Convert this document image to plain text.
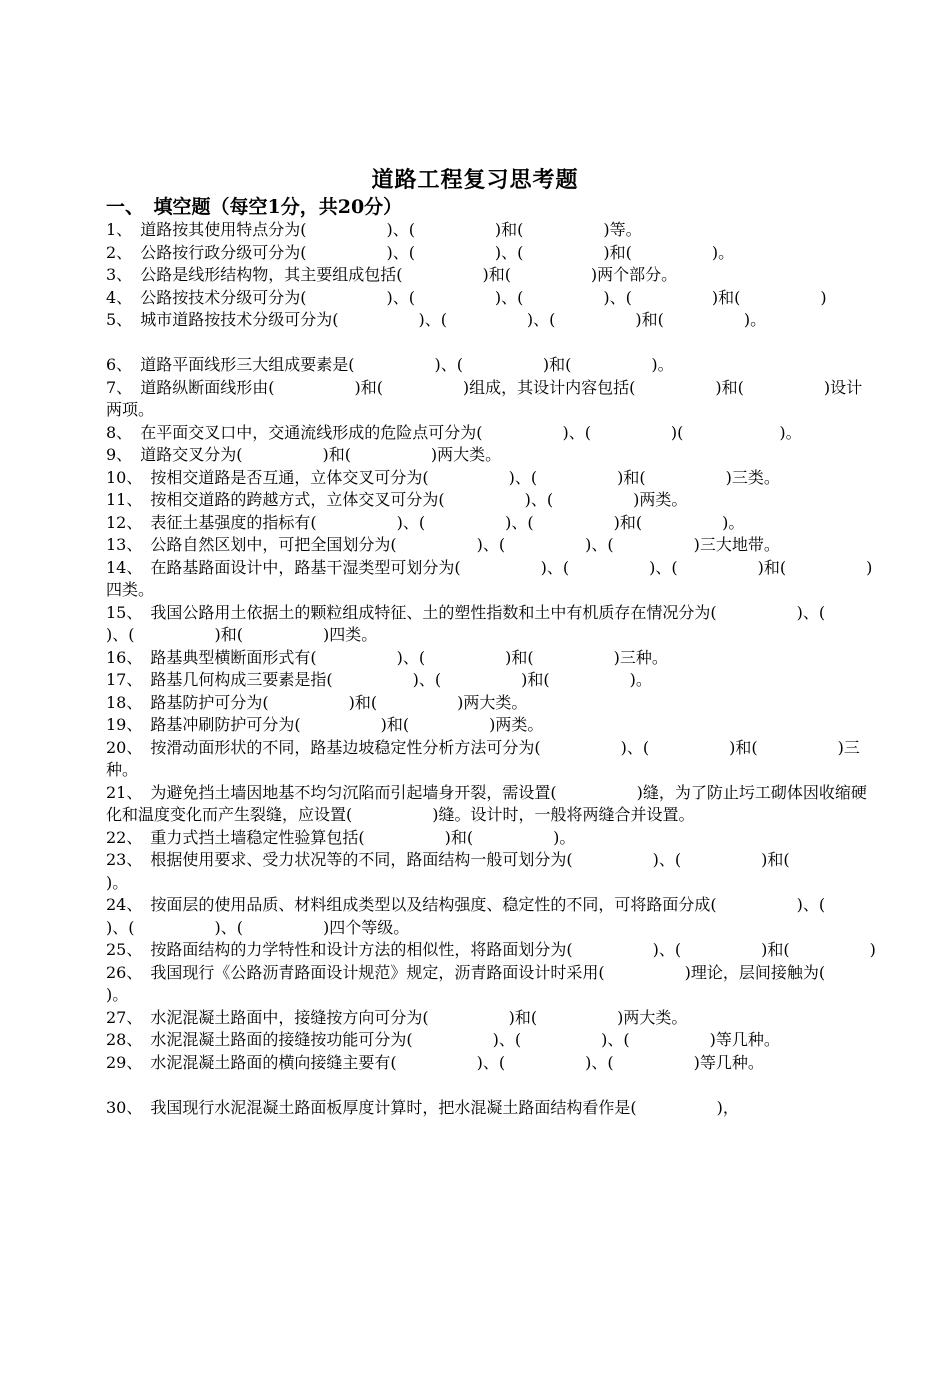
道路工程复习思考题
一、　填空题（每空1分，共20分）

1、　 道路按其使用特点分为(　　　　　)、(　　　　　)和(　　　　　)等。

2、　 公路按行政分级可分为(　　　　　)、(　　　　　)、(　　　　　)和(　　　　　)。

3、　 公路是线形结构物，其主要组成包括(　　　　　)和(　　　　　)两个部分。

4、　 公路按技术分级可分为(　　　　　)、(　　　　　)、(　　　　　)、(　　　　　)和(　　　　　)

5、　 城市道路按技术分级可分为(　　　　　)、(　　　　　)、(　　　　　)和(　　　　　)。

6、　 道路平面线形三大组成要素是(　　　　　)、(　　　　　)和(　　　　　)。

7、　 道路纵断面线形由(　　　　　)和(　　　　　)组成，其设计内容包括(　　　　　)和(　　　　　)设计两项。

8、　 在平面交叉口中，交通流线形成的危险点可分为(　　　　　)、(　　　　　)(　　　　　　)。

9、　 道路交叉分为(　　　　　)和(　　　　　)两大类。

10、　 按相交道路是否互通，立体交叉可分为(　　　　　)、(　　　　　)和(　　　　　)三类。

11、　 按相交道路的跨越方式，立体交叉可分为(　　　　　)、(　　　　　)两类。

12、　 表征土基强度的指标有(　　　　　)、(　　　　　)、(　　　　　)和(　　　　　)。

13、　 公路自然区划中，可把全国划分为(　　　　　)、(　　　　　)、(　　　　　)三大地带。

14、　 在路基路面设计中，路基干湿类型可划分为(　　　　　)、(　　　　　)、(　　　　　)和(　　　　　)四类。

15、　 我国公路用土依据土的颗粒组成特征、土的塑性指数和土中有机质存在情况分为(　　　　　)、(　　　　　)、(　　　　　)和(　　　　　)四类。

16、　 路基典型横断面形式有(　　　　　)、(　　　　　)和(　　　　　)三种。

17、　 路基几何构成三要素是指(　　　　　)、(　　　　　)和(　　　　　)。

18、　 路基防护可分为(　　　　　)和(　　　　　)两大类。

19、　 路基冲刷防护可分为(　　　　　)和(　　　　　)两类。

20、　 按滑动面形状的不同，路基边坡稳定性分析方法可分为(　　　　　)、(　　　　　)和(　　　　　)三种。

21、　 为避免挡土墙因地基不均匀沉陷而引起墙身开裂，需设置(　　　　　)缝，为了防止圬工砌体因收缩硬化和温度变化而产生裂缝，应设置(　　　　　)缝。设计时，一般将两缝合并设置。

22、　 重力式挡土墙稳定性验算包括(　　　　　)和(　　　　　)。

23、　 根据使用要求、受力状况等的不同，路面结构一般可划分为(　　　　　)、(　　　　　)和(　　　　　)。

24、　 按面层的使用品质、材料组成类型以及结构强度、稳定性的不同，可将路面分成(　　　　　)、(　　　　　)、(　　　　　)、(　　　　　)四个等级。

25、　 按路面结构的力学特性和设计方法的相似性，将路面划分为(　　　　　)、(　　　　　)和(　　　　　)

26、　 我国现行《公路沥青路面设计规范》规定，沥青路面设计时采用(　　　　　)理论，层间接触为(　　　　　)。

27、　 水泥混凝土路面中，接缝按方向可分为(　　　　　)和(　　　　　)两大类。

28、　 水泥混凝土路面的接缝按功能可分为(　　　　　)、(　　　　　)、(　　　　　)等几种。

29、　 水泥混凝土路面的横向接缝主要有(　　　　　)、(　　　　　)、(　　　　　)等几种。

30、　 我国现行水泥混凝土路面板厚度计算时，把水混凝土路面结构看作是(　　　　　)，
